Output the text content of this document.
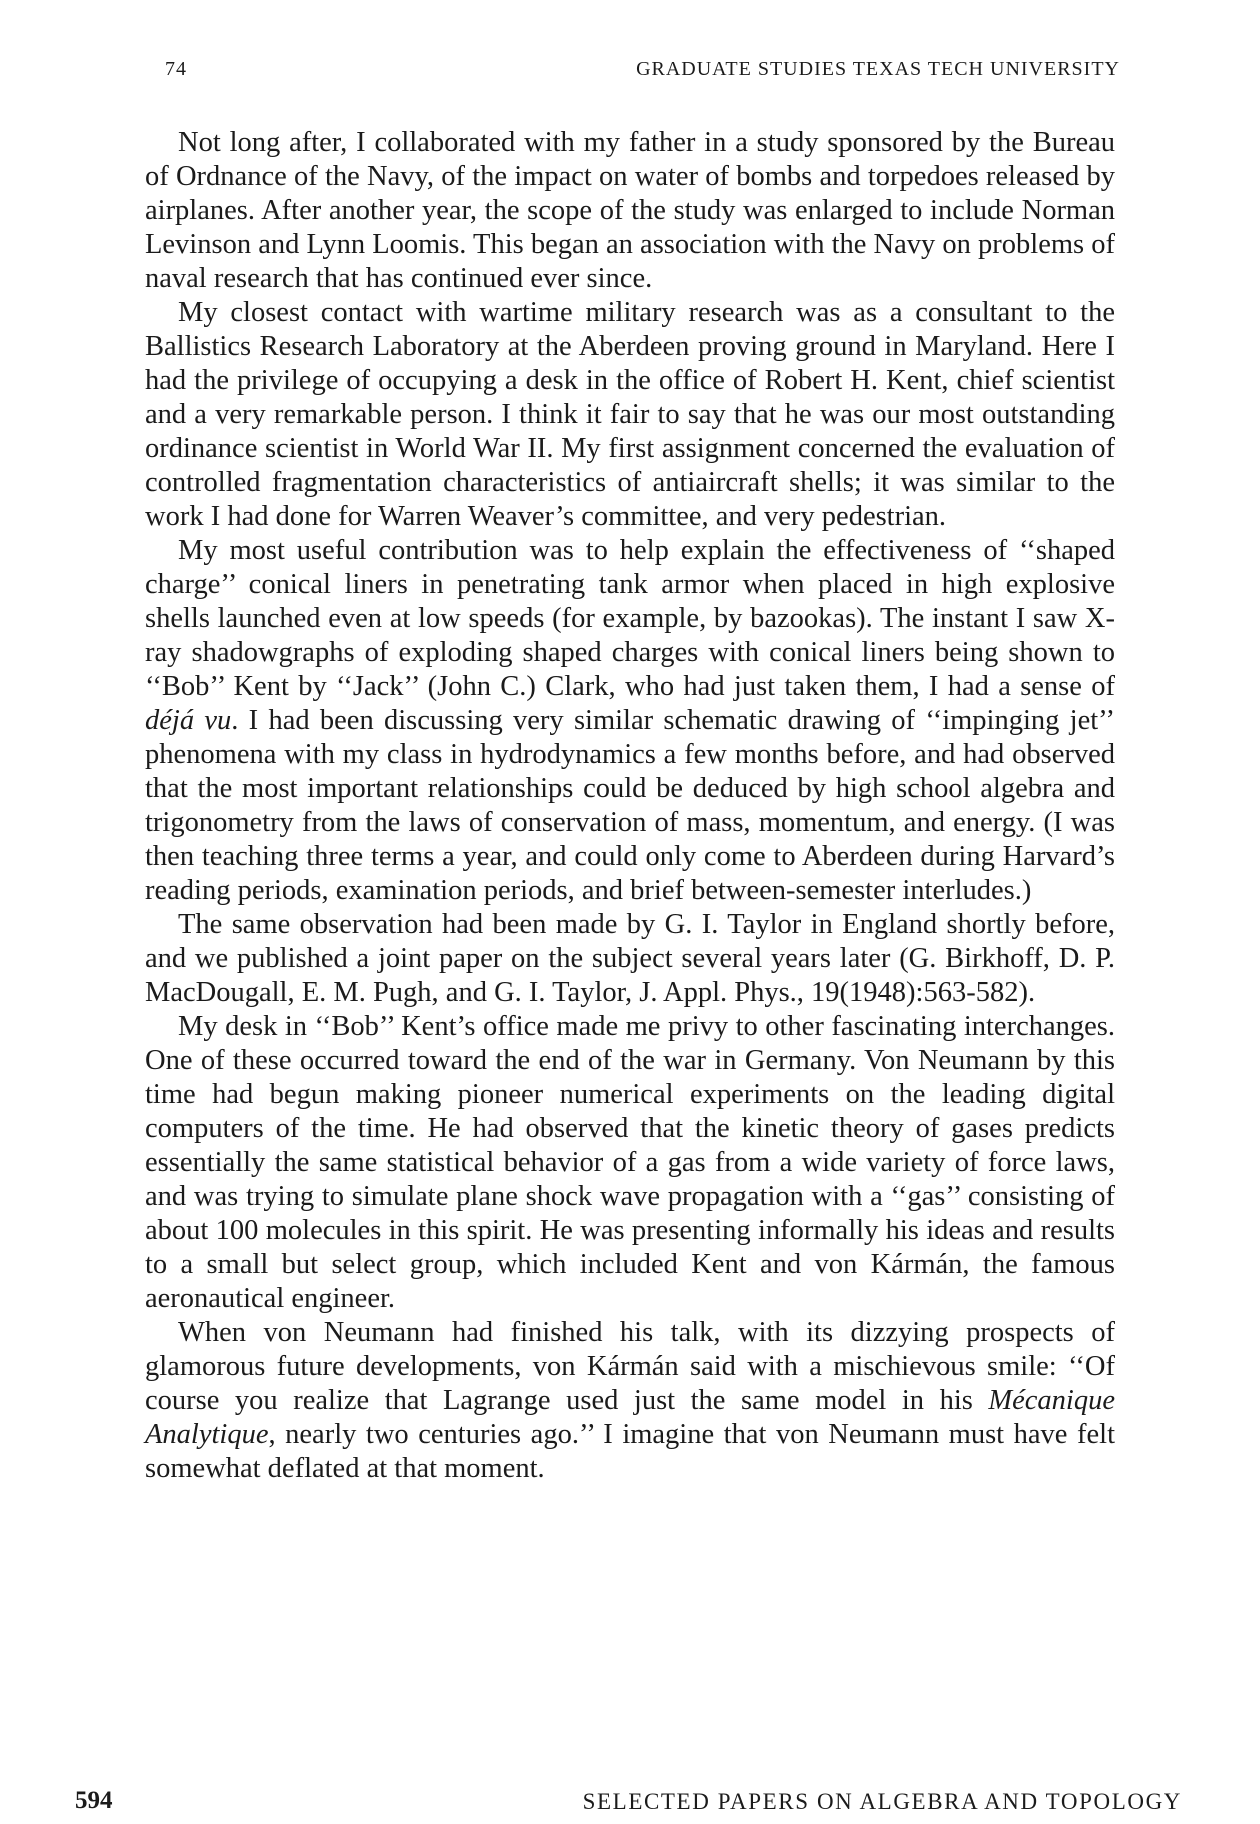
74	GRADUATE STUDIES TEXAS TECH UNIVERSITY

Not long after, I collaborated with my father in a study sponsored by the Bureau of Ordnance of the Navy, of the impact on water of bombs and torpedoes released by airplanes. After another year, the scope of the study was enlarged to include Norman Levinson and Lynn Loomis. This began an association with the Navy on problems of naval research that has continued ever since.

My closest contact with wartime military research was as a consultant to the Ballistics Research Laboratory at the Aberdeen proving ground in Maryland. Here I had the privilege of occupying a desk in the office of Robert H. Kent, chief scientist and a very remarkable person. I think it fair to say that he was our most outstanding ordinance scientist in World War II. My first assignment concerned the evaluation of controlled fragmentation characteristics of antiaircraft shells; it was similar to the work I had done for Warren Weaver’s committee, and very pedestrian.

My most useful contribution was to help explain the effectiveness of ‘‘shaped charge’’ conical liners in penetrating tank armor when placed in high explosive shells launched even at low speeds (for example, by bazookas). The instant I saw X-ray shadowgraphs of exploding shaped charges with conical liners being shown to ‘‘Bob’’ Kent by ‘‘Jack’’ (John C.) Clark, who had just taken them, I had a sense of déjá vu. I had been discussing very similar schematic drawing of ‘‘impinging jet’’ phenomena with my class in hydrodynamics a few months before, and had observed that the most important relationships could be deduced by high school algebra and trigonometry from the laws of conservation of mass, momentum, and energy. (I was then teaching three terms a year, and could only come to Aberdeen during Harvard’s reading periods, examination periods, and brief between-semester interludes.)

The same observation had been made by G. I. Taylor in England shortly before, and we published a joint paper on the subject several years later (G. Birkhoff, D. P. MacDougall, E. M. Pugh, and G. I. Taylor, J. Appl. Phys., 19(1948):563-582).

My desk in ‘‘Bob’’ Kent’s office made me privy to other fascinating interchanges. One of these occurred toward the end of the war in Germany. Von Neumann by this time had begun making pioneer numerical experiments on the leading digital computers of the time. He had observed that the kinetic theory of gases predicts essentially the same statistical behavior of a gas from a wide variety of force laws, and was trying to simulate plane shock wave propagation with a ‘‘gas’’ consisting of about 100 molecules in this spirit. He was presenting informally his ideas and results to a small but select group, which included Kent and von Kármán, the famous aeronautical engineer.

When von Neumann had finished his talk, with its dizzying prospects of glamorous future developments, von Kármán said with a mischievous smile: ‘‘Of course you realize that Lagrange used just the same model in his Mécanique Analytique, nearly two centuries ago.’’ I imagine that von Neumann must have felt somewhat deflated at that moment.

594	SELECTED PAPERS ON ALGEBRA AND TOPOLOGY
